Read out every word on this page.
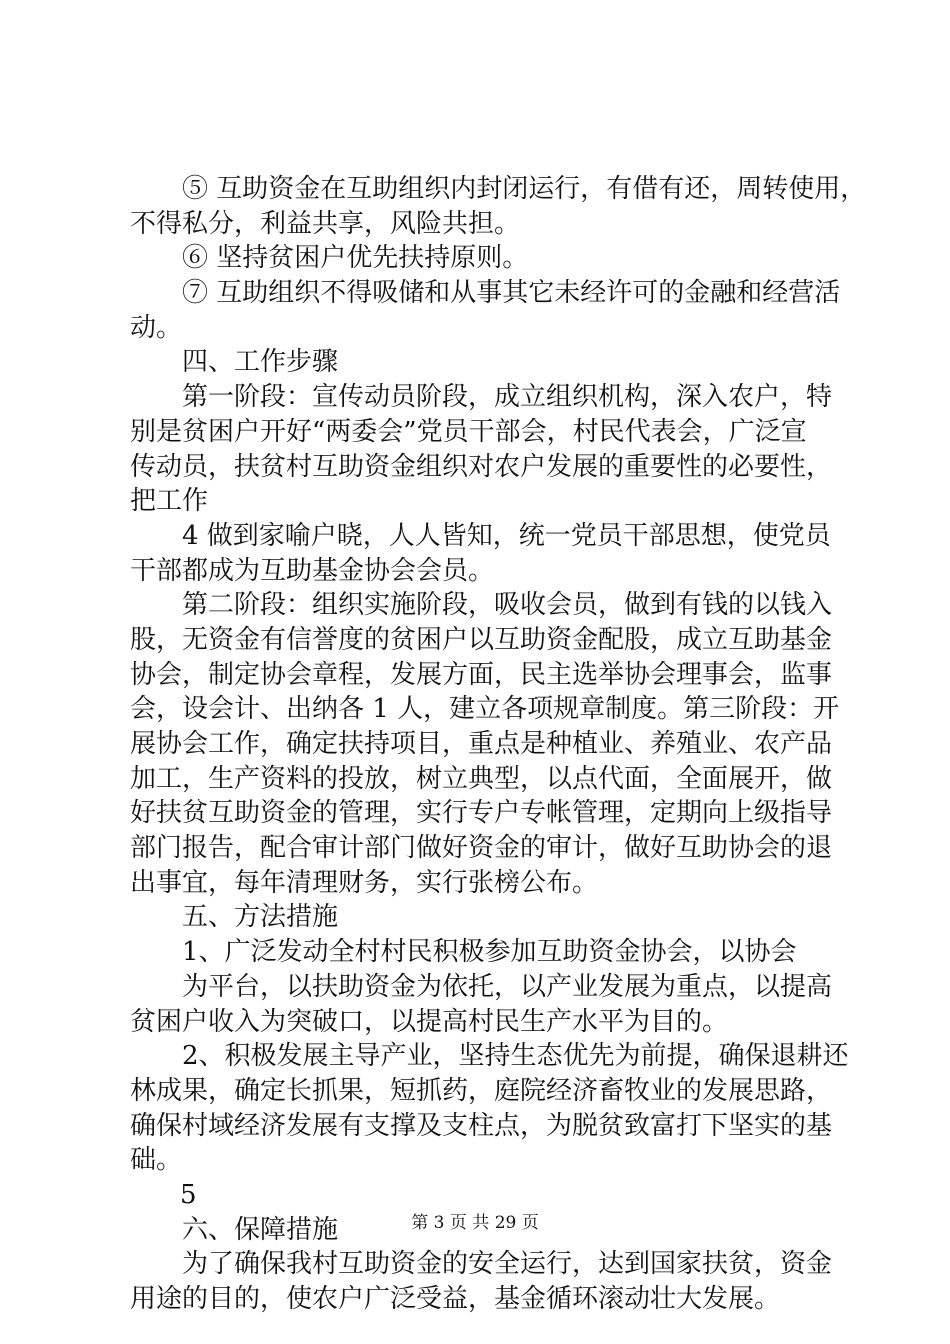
⑤ 互助资金在互助组织内封闭运行，有借有还，周转使用，
不得私分，利益共享，风险共担。
⑥ 坚持贫困户优先扶持原则。
⑦ 互助组织不得吸储和从事其它未经许可的金融和经营活
动。
四、工作步骤
第一阶段：宣传动员阶段，成立组织机构，深入农户，特
别是贫困户开好“两委会”党员干部会，村民代表会，广泛宣
传动员，扶贫村互助资金组织对农户发展的重要性的必要性，
把工作
4 做到家喻户晓，人人皆知，统一党员干部思想，使党员
干部都成为互助基金协会会员。
第二阶段：组织实施阶段，吸收会员，做到有钱的以钱入
股，无资金有信誉度的贫困户以互助资金配股，成立互助基金
协会，制定协会章程，发展方面，民主选举协会理事会，监事
会，设会计、出纳各 1 人，建立各项规章制度。第三阶段：开
展协会工作，确定扶持项目，重点是种植业、养殖业、农产品
加工，生产资料的投放，树立典型，以点代面，全面展开，做
好扶贫互助资金的管理，实行专户专帐管理，定期向上级指导
部门报告，配合审计部门做好资金的审计，做好互助协会的退
出事宜，每年清理财务，实行张榜公布。
五、方法措施
1、广泛发动全村村民积极参加互助资金协会，以协会
为平台，以扶助资金为依托，以产业发展为重点，以提高
贫困户收入为突破口，以提高村民生产水平为目的。
2、积极发展主导产业，坚持生态优先为前提，确保退耕还
林成果，确定长抓果，短抓药，庭院经济畜牧业的发展思路，
确保村域经济发展有支撑及支柱点，为脱贫致富打下坚实的基
础。
5
六、保障措施
为了确保我村互助资金的安全运行，达到国家扶贫，资金
用途的目的，使农户广泛受益，基金循环滚动壮大发展。
第 3 页 共 29 页
